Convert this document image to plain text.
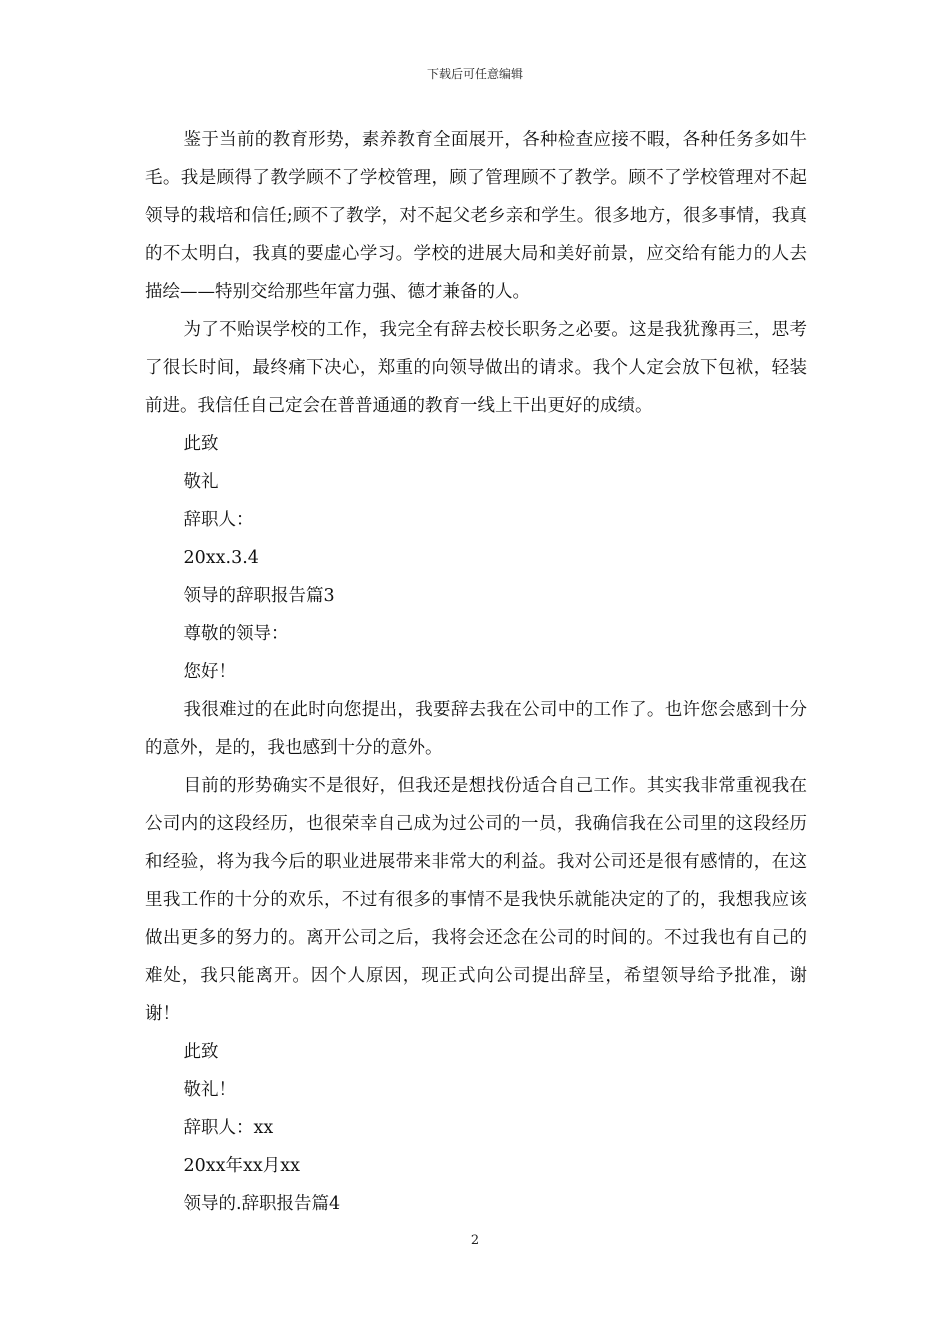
下载后可任意编辑

鉴于当前的教育形势，素养教育全面展开，各种检查应接不暇，各种任务多如牛毛。我是顾得了教学顾不了学校管理，顾了管理顾不了教学。顾不了学校管理对不起领导的栽培和信任;顾不了教学，对不起父老乡亲和学生。很多地方，很多事情，我真的不太明白，我真的要虚心学习。学校的进展大局和美好前景，应交给有能力的人去描绘——特别交给那些年富力强、德才兼备的人。

为了不贻误学校的工作，我完全有辞去校长职务之必要。这是我犹豫再三，思考了很长时间，最终痛下决心，郑重的向领导做出的请求。我个人定会放下包袱，轻装前进。我信任自己定会在普普通通的教育一线上干出更好的成绩。

此致

敬礼

辞职人：

20xx.3.4

领导的辞职报告篇3

尊敬的领导：

您好！

我很难过的在此时向您提出，我要辞去我在公司中的工作了。也许您会感到十分的意外，是的，我也感到十分的意外。

目前的形势确实不是很好，但我还是想找份适合自己工作。其实我非常重视我在公司内的这段经历，也很荣幸自己成为过公司的一员，我确信我在公司里的这段经历和经验，将为我今后的职业进展带来非常大的利益。我对公司还是很有感情的，在这里我工作的十分的欢乐，不过有很多的事情不是我快乐就能决定的了的，我想我应该做出更多的努力的。离开公司之后，我将会还念在公司的时间的。不过我也有自己的难处，我只能离开。因个人原因，现正式向公司提出辞呈，希望领导给予批准，谢谢！

此致

敬礼！

辞职人：xx

20xx年xx月xx

领导的.辞职报告篇4

2
